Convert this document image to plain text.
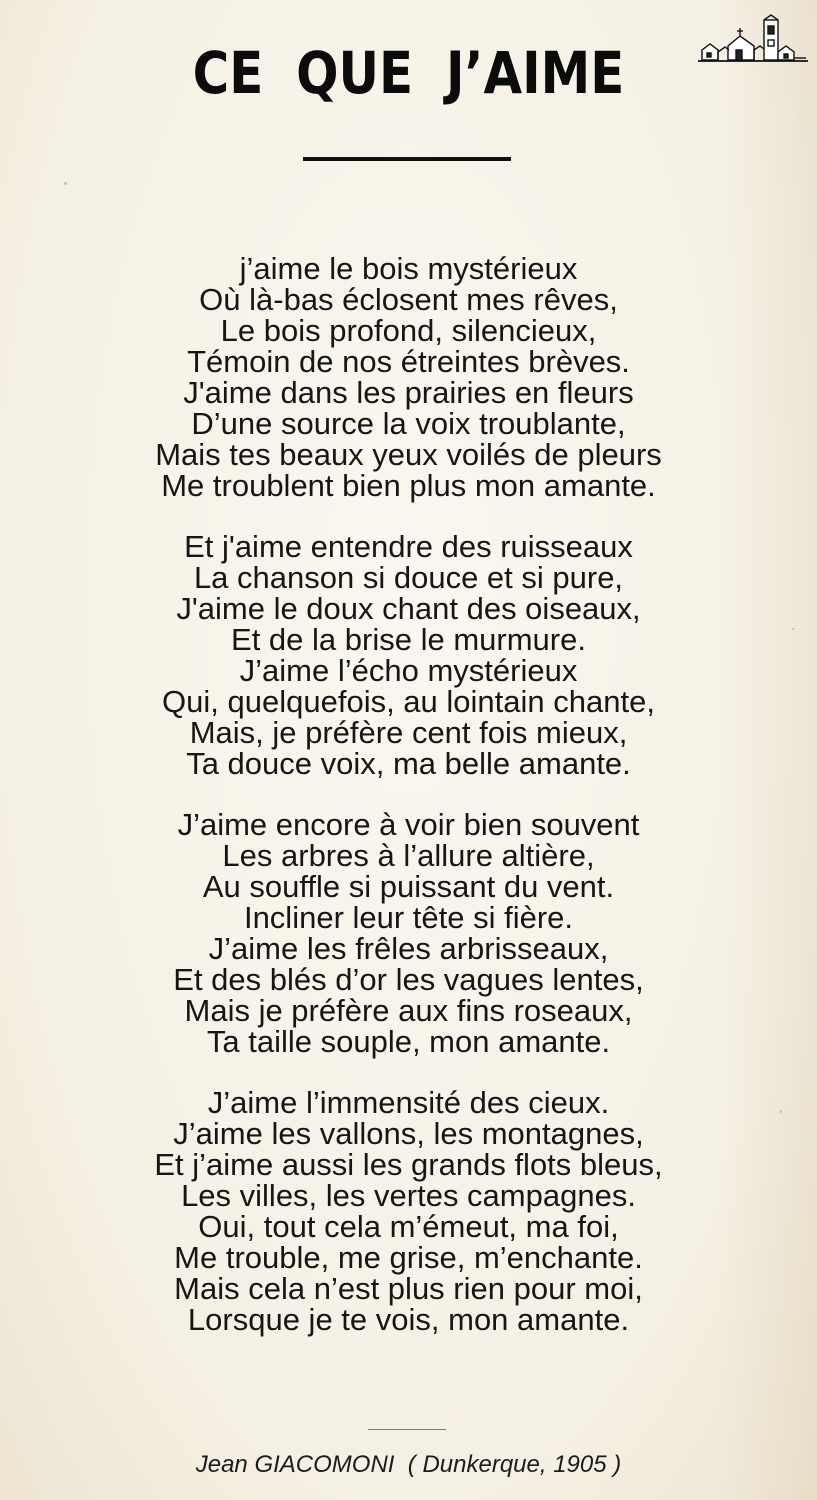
CE QUE J’AIME
j’aime le bois mystérieux
Où là-bas éclosent mes rêves,
Le bois profond, silencieux,
Témoin de nos étreintes brèves.
J'aime dans les prairies en fleurs
D’une source la voix troublante,
Mais tes beaux yeux voilés de pleurs
Me troublent bien plus mon amante.
Et j'aime entendre des ruisseaux
La chanson si douce et si pure,
J'aime le doux chant des oiseaux,
Et de la brise le murmure.
J’aime l’écho mystérieux
Qui, quelquefois, au lointain chante,
Mais, je préfère cent fois mieux,
Ta douce voix, ma belle amante.
J’aime encore à voir bien souvent
Les arbres à l’allure altière,
Au souffle si puissant du vent.
Incliner leur tête si fière.
J’aime les frêles arbrisseaux,
Et des blés d’or les vagues lentes,
Mais je préfère aux fins roseaux,
Ta taille souple, mon amante.
J’aime l’immensité des cieux.
J’aime les vallons, les montagnes,
Et j’aime aussi les grands flots bleus,
Les villes, les vertes campagnes.
Oui, tout cela m’émeut, ma foi,
Me trouble, me grise, m’enchante.
Mais cela n’est plus rien pour moi,
Lorsque je te vois, mon amante.
Jean GIACOMONI  ( Dunkerque, 1905 )
